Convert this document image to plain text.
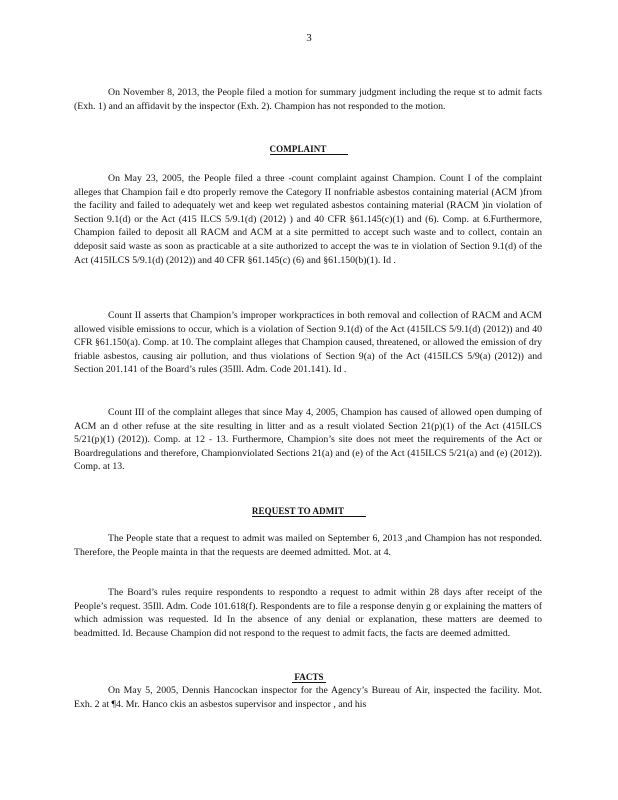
3

On November 8, 2013, the People filed a motion for summary judgment including the reque st to admit facts (Exh. 1) and an affidavit by the inspector (Exh. 2). Champion has not responded to the motion.

COMPLAINT

On May 23, 2005, the People filed a three -count complaint against Champion. Count I of the complaint alleges that Champion fail e dto properly remove the Category II nonfriable asbestos containing material (ACM )from the facility and failed to adequately wet and keep wet regulated asbestos containing material (RACM )in violation of Section 9.1(d) or the Act (415 ILCS 5/9.1(d) (2012) ) and 40 CFR §61.145(c)(1) and (6). Comp. at 6.Furthermore, Champion failed to deposit all RACM and ACM at a site permitted to accept such waste and to collect, contain an ddeposit said waste as soon as practicable at a site authorized to accept the was te in violation of Section 9.1(d) of the Act (415ILCS 5/9.1(d) (2012)) and 40 CFR §61.145(c) (6) and §61.150(b)(1). Id .

Count II asserts that Champion’s improper workpractices in both removal and collection of RACM and ACM allowed visible emissions to occur, which is a violation of Section 9.1(d) of the Act (415ILCS 5/9.1(d) (2012)) and 40 CFR §61.150(a). Comp. at 10. The complaint alleges that Champion caused, threatened, or allowed the emission of dry friable asbestos, causing air pollution, and thus violations of Section 9(a) of the Act (415ILCS 5/9(a) (2012)) and Section 201.141 of the Board’s rules (35Ill. Adm. Code 201.141). Id .

Count III of the complaint alleges that since May 4, 2005, Champion has caused of allowed open dumping of ACM an d other refuse at the site resulting in litter and as a result violated Section 21(p)(1) of the Act (415ILCS 5/21(p)(1) (2012)). Comp. at 12 - 13. Furthermore, Champion’s site does not meet the requirements of the Act or Boardregulations and therefore, Championviolated Sections 21(a) and (e) of the Act (415ILCS 5/21(a) and (e) (2012)). Comp. at 13.

REQUEST TO ADMIT

The People state that a request to admit was mailed on September 6, 2013 ,and Champion has not responded. Therefore, the People mainta in that the requests are deemed admitted. Mot. at 4.

The Board’s rules require respondents to respondto a request to admit within 28 days after receipt of the People’s request. 35Ill. Adm. Code 101.618(f). Respondents are to file a response denyin g or explaining the matters of which admission was requested. Id In the absence of any denial or explanation, these matters are deemed to beadmitted. Id. Because Champion did not respond to the request to admit facts, the facts are deemed admitted.

FACTS

On May 5, 2005, Dennis Hancockan inspector for the Agency’s Bureau of Air, inspected the facility. Mot. Exh. 2 at ¶4. Mr. Hanco ckis an asbestos supervisor and inspector , and his
